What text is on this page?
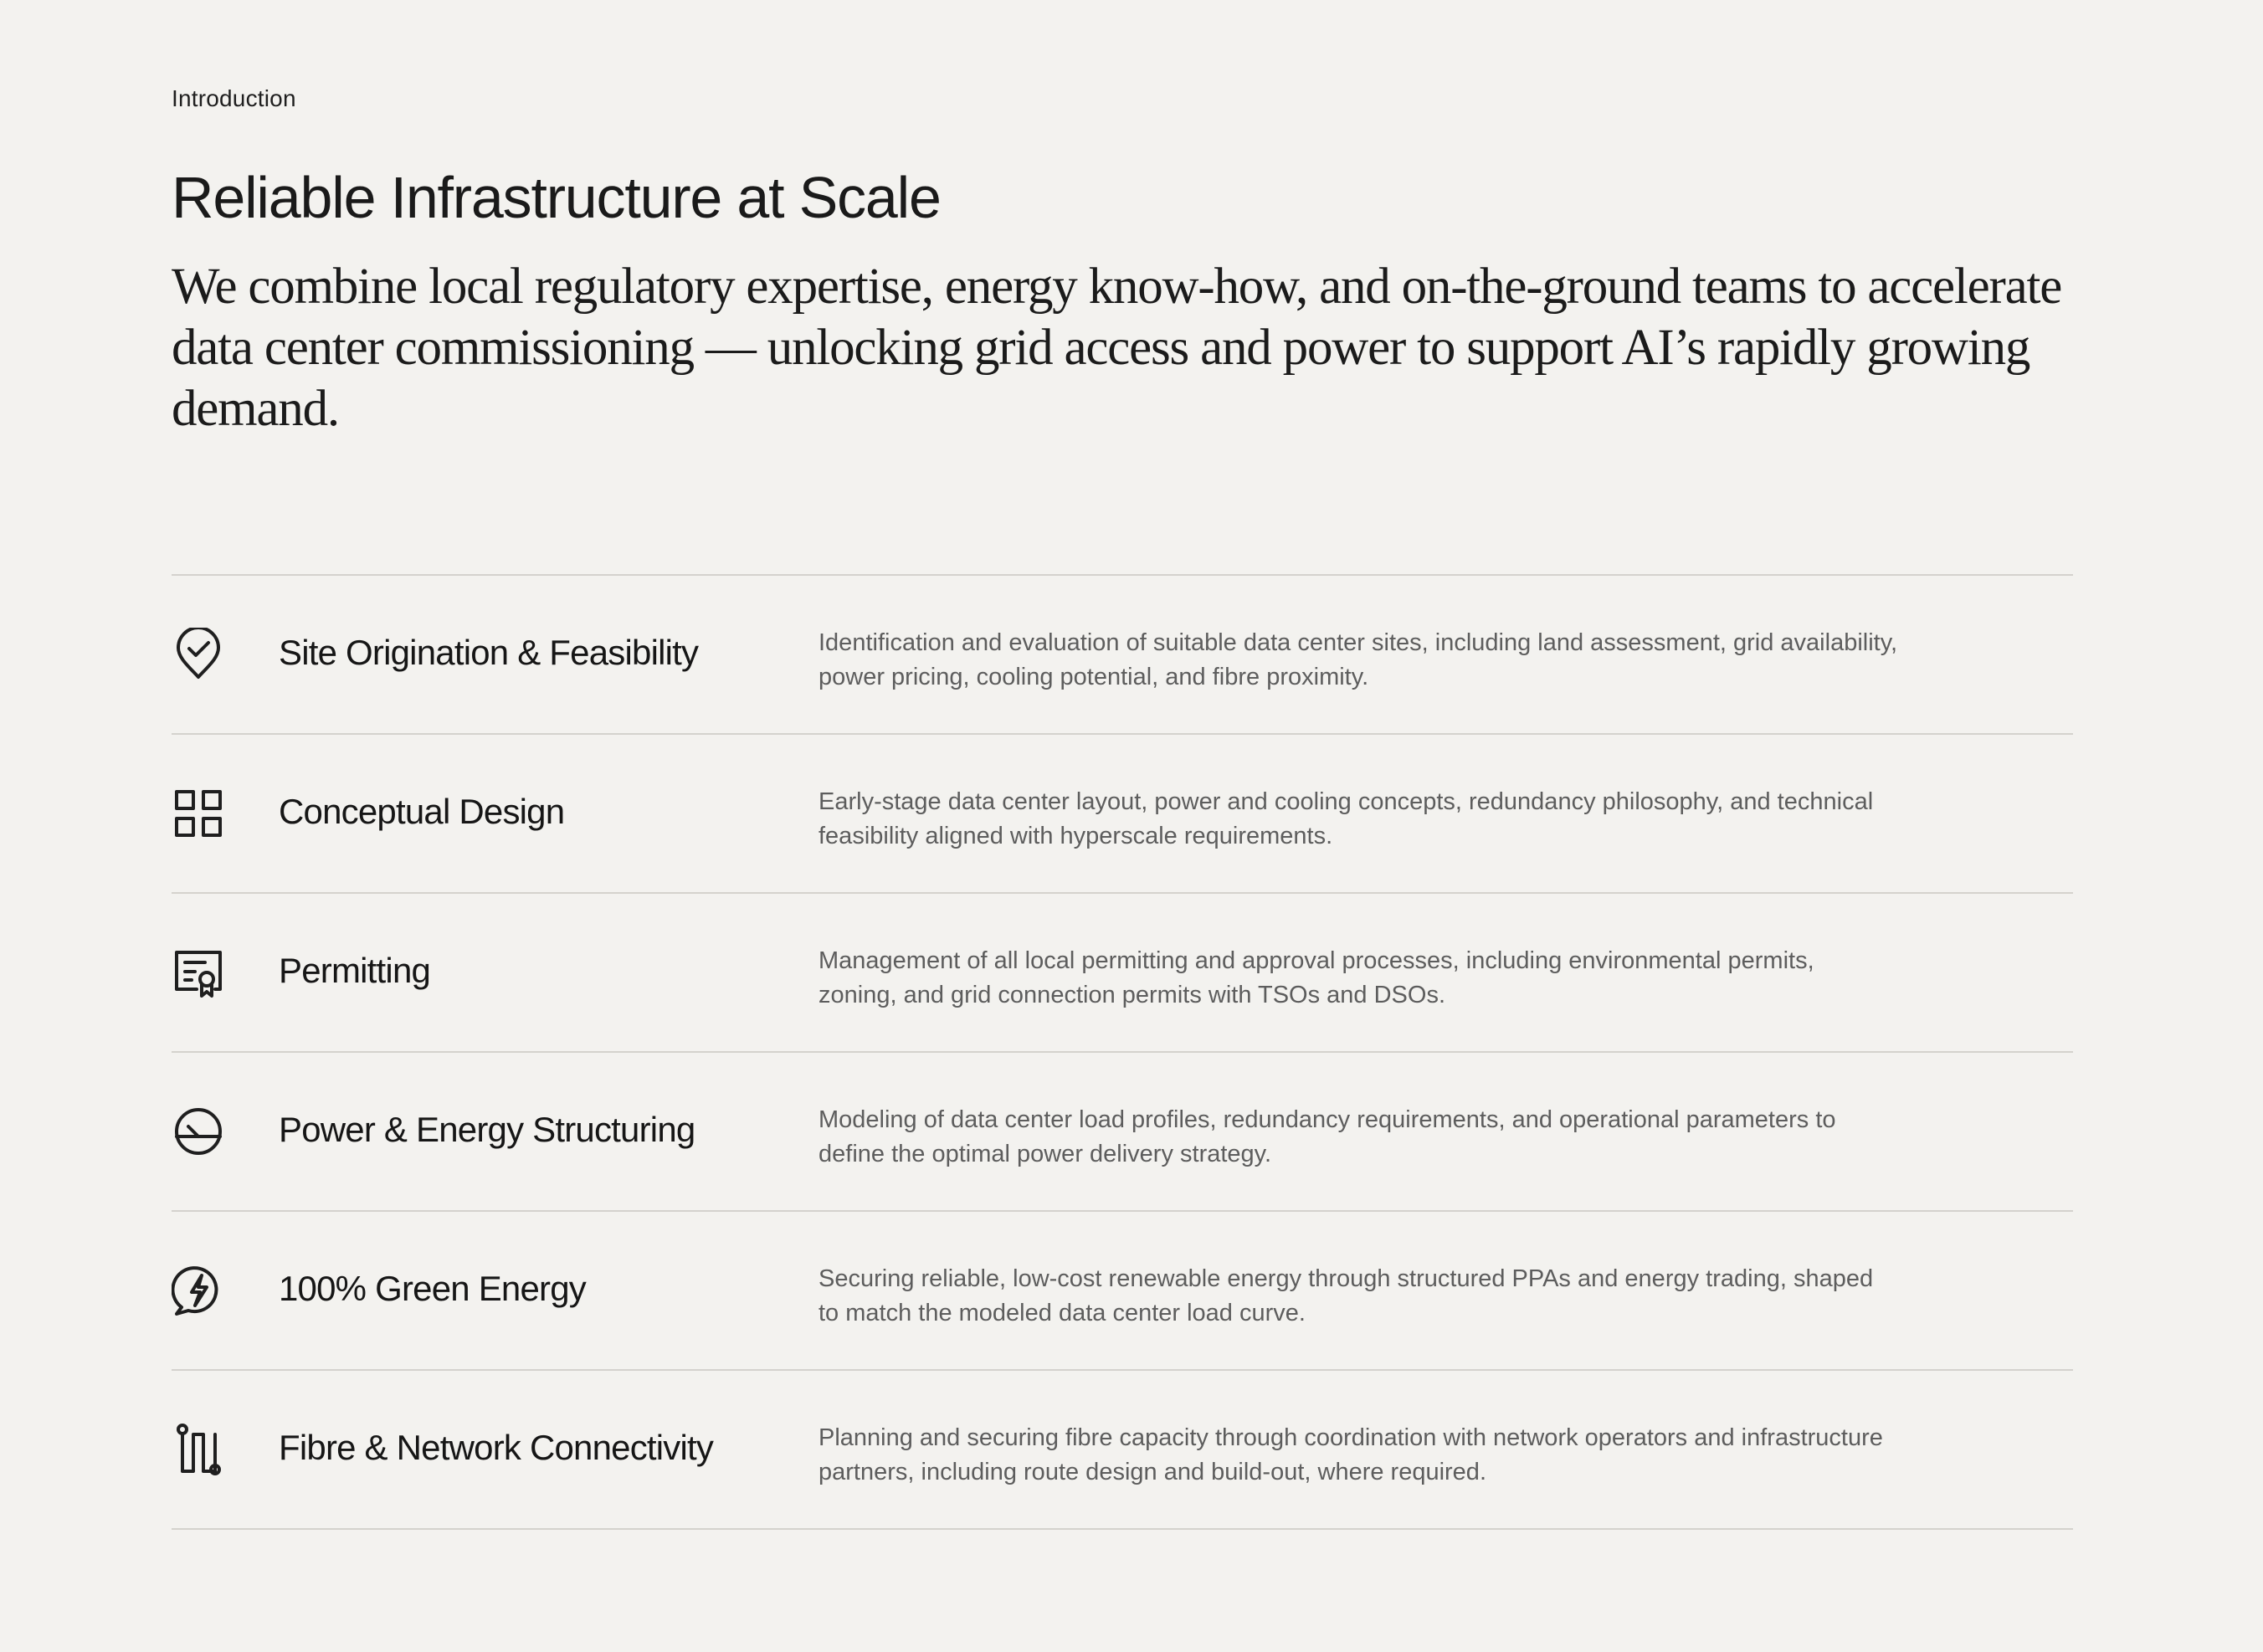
Introduction
Reliable Infrastructure at Scale

We combine local regulatory expertise, energy know-how, and on-the-ground teams to accelerate data center commissioning — unlocking grid access and power to support AI’s rapidly growing demand.

Site Origination & Feasibility	Identification and evaluation of suitable data center sites, including land assessment, grid availability, power pricing, cooling potential, and fibre proximity.
Conceptual Design	Early-stage data center layout, power and cooling concepts, redundancy philosophy, and technical feasibility aligned with hyperscale requirements.
Permitting	Management of all local permitting and approval processes, including environmental permits, zoning, and grid connection permits with TSOs and DSOs.
Power & Energy Structuring	Modeling of data center load profiles, redundancy requirements, and operational parameters to define the optimal power delivery strategy.
100% Green Energy	Securing reliable, low-cost renewable energy through structured PPAs and energy trading, shaped to match the modeled data center load curve.
Fibre & Network Connectivity	Planning and securing fibre capacity through coordination with network operators and infrastructure partners, including route design and build-out, where required.
